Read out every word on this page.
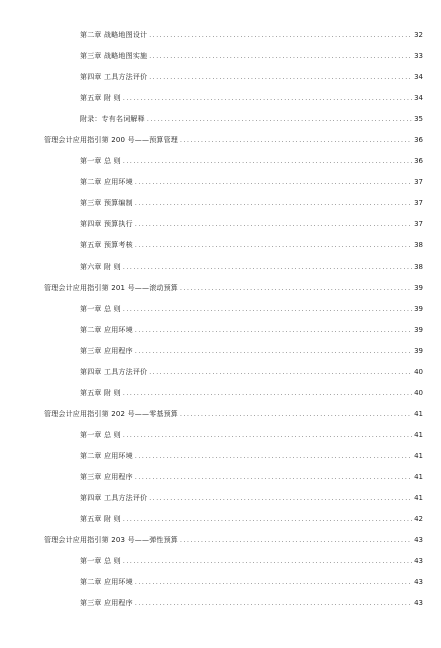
第二章 战略地图设计 .....	32
第三章 战略地图实施 .....	33
第四章 工具方法评价 .....	34
第五章 附 则 .....	34
附录：专有名词解释 .....	35
管理会计应用指引第 200 号——预算管理 .....	36
第一章 总 则 .....	36
第二章 应用环境 .....	37
第三章 预算编制 .....	37
第四章 预算执行 .....	37
第五章 预算考核 .....	38
第六章 附 则 .....	38
管理会计应用指引第 201 号——滚动预算 .....	39
第一章 总 则 .....	39
第二章 应用环境 .....	39
第三章 应用程序 .....	39
第四章 工具方法评价 .....	40
第五章 附 则 .....	40
管理会计应用指引第 202 号——零基预算 .....	41
第一章 总 则 .....	41
第二章 应用环境 .....	41
第三章 应用程序 .....	41
第四章 工具方法评价 .....	41
第五章 附 则 .....	42
管理会计应用指引第 203 号——弹性预算 .....	43
第一章 总 则 .....	43
第二章 应用环境 .....	43
第三章 应用程序 .....	43
